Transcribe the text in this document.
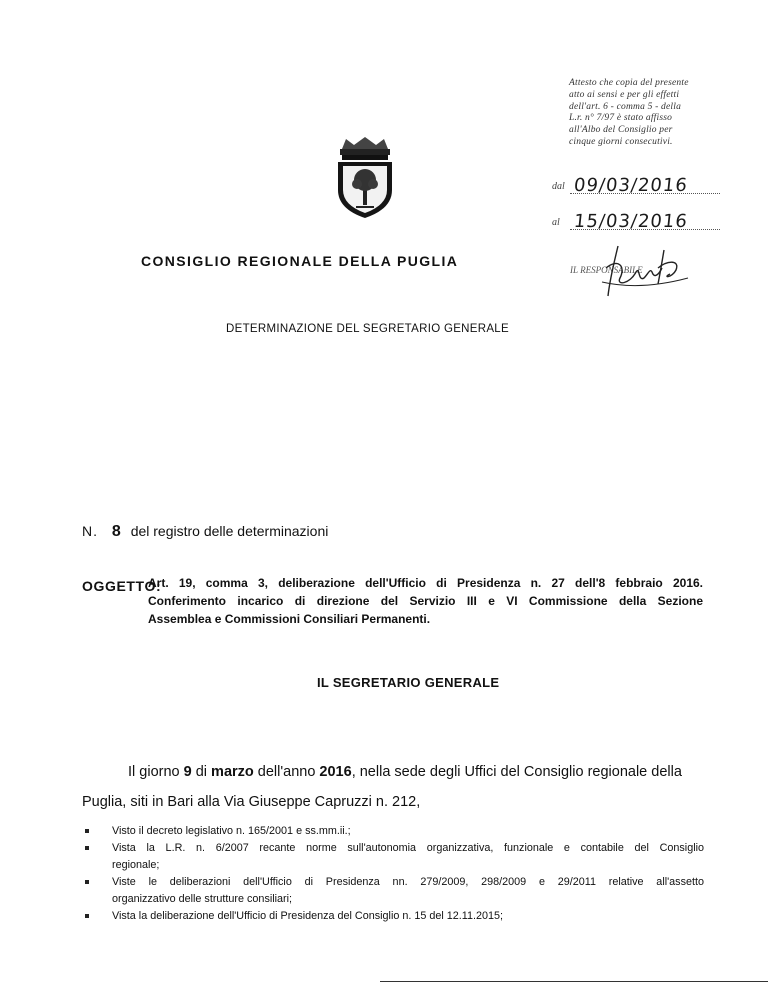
Attesto che copia del presente
atto ai sensi e per gli effetti
dell'art. 6 - comma 5 - della
L.r. n° 7/97 è stato affisso
all'Albo del Consiglio per
cinque giorni consecutivi.
dal 09/03/2016
al 15/03/2016
IL RESPONSABILE
CONSIGLIO REGIONALE DELLA PUGLIA
DETERMINAZIONE DEL SEGRETARIO GENERALE
N. 8 del registro delle determinazioni
OGGETTO:
Art. 19, comma 3, deliberazione dell'Ufficio di Presidenza n. 27 dell'8 febbraio 2016.
Conferimento incarico di direzione del Servizio III e VI Commissione della Sezione
Assemblea e Commissioni Consiliari Permanenti.
IL SEGRETARIO GENERALE
Il giorno 9 di marzo dell'anno 2016, nella sede degli Uffici del Consiglio regionale della
Puglia, siti in Bari alla Via Giuseppe Capruzzi n. 212,
Visto il decreto legislativo n. 165/2001 e ss.mm.ii.;
Vista la L.R. n. 6/2007 recante norme sull'autonomia organizzativa, funzionale e contabile del Consiglio
regionale;
Viste le deliberazioni dell'Ufficio di Presidenza nn. 279/2009, 298/2009 e 29/2011 relative all'assetto
organizzativo delle strutture consiliari;
Vista la deliberazione dell'Ufficio di Presidenza del Consiglio n. 15 del 12.11.2015;
